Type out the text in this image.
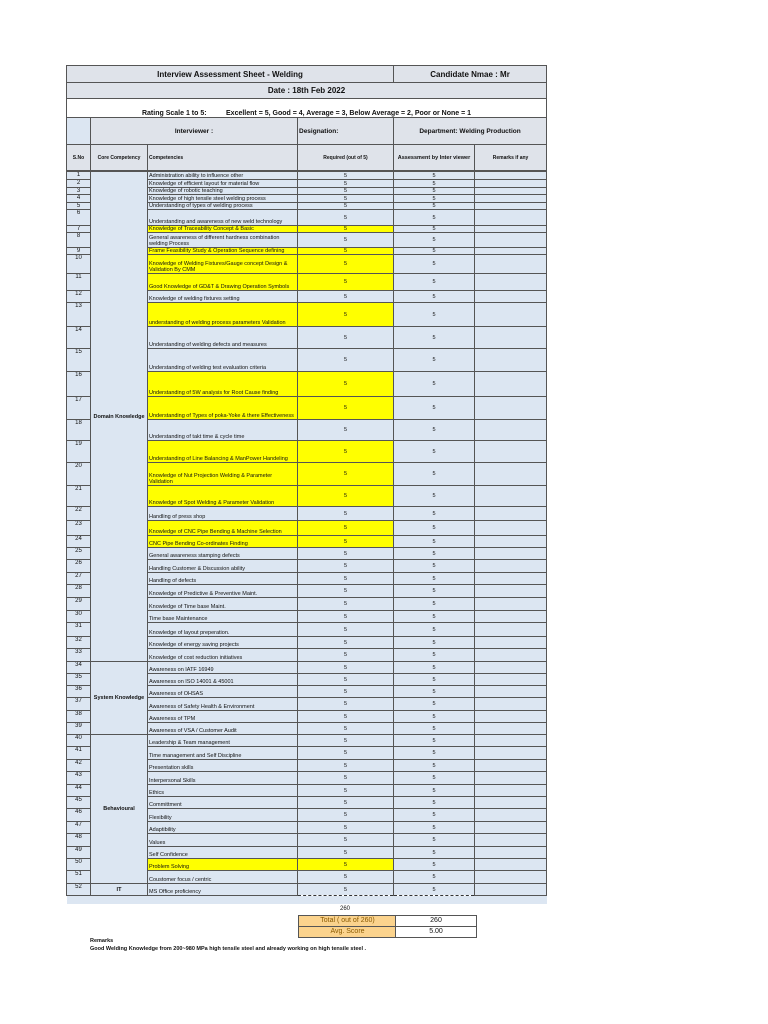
Interview Assessment Sheet - Welding				Candidate Nmae : Mr	
Date : 18th Feb 2022					
Rating Scale 1 to 5: Excellent = 5, Good = 4, Average = 3, Below Average = 2, Poor or None = 1					
	Interviewer :		Designation:	Department: Welding Production	
S.No	Core Competency	Competencies	Required (out of 5)	Assessment by Inter viewer	Remarks if any
1	Domain Knowledge	Administration ability to influence other	5	5	
2		Knowledge of efficient layout for material flow	5	5	
3		Knowledge of robotic teaching	5	5	
4		Knowledge of high tensile steel welding process	5	5	
5		Understanding of types of welding process	5	5	
6		Understanding and awareness of new weld technology	5	5	
7		Knowledge of Traceability Concept & Basic	5	5	
8		General awareness of different hardness combination welding Process	5	5	
9		Frame Feasibility Study & Operation Sequence defining	5	5	
10		Knowledge of Welding Fixtures/Gauge concept Design & Validation By CMM	5	5	
11		Good Knowledge of GD&T & Drawing Operation Symbols	5	5	
12		Knowledge of welding fixtures setting	5	5	
13		understanding of welding process parameters Validation	5	5	
14		Understanding of welding defects and measures	5	5	
15		Understanding of welding test evaluation criteria	5	5	
16		Understanding of 5W analysis for Root Cause finding	5	5	
17		Understanding of Types of poka-Yoke & there Effectiveness	5	5	
18		Understanding of takt time & cycle time	5	5	
19		Understanding of Line Balancing & ManPower Handeling	5	5	
20		Knowledge of Nut Projection Welding & Parameter Validation	5	5	
21		Knowledge of Spot Welding & Parameter Validation	5	5	
22		Handling of press shop	5	5	
23		Knowledge of CNC Pipe Bending & Machine Selection	5	5	
24		CNC Pipe Bending Co-ordinates Finding	5	5	
25		General awareness stamping defects	5	5	
26		Handling Customer & Discussion ability	5	5	
27		Handling of defects	5	5	
28		Knowledge of Predictive & Preventive Maint.	5	5	
29		Knowledge of Time base Maint.	5	5	
30		Time base Maintenance	5	5	
31		Knowledge of layout preperation.	5	5	
32		Knowledge of energy saving projects	5	5	
33		Knowledge of cost reduction initiatives	5	5	
34	System Knowledge	Awareness on IATF 16949	5	5	
35		Awareness on ISO 14001 & 45001	5	5	
36		Awareness of OHSAS	5	5	
37		Awareness of Safety Health & Environment	5	5	
38		Awareness of TPM	5	5	
39		Awareness of VSA / Customer Audit	5	5	
40	Behavioural	Leadership & Team management	5	5	
41		Time management and Self Discipline	5	5	
42		Presentation skills	5	5	
43		Interpersonal Skills	5	5	
44		Ethics	5	5	
45		Committment	5	5	
46		Flexibility	5	5	
47		Adaptibility	5	5	
48		Values	5	5	
49		Self Confidence	5	5	
50		Problem Solving	5	5	
51		Coustomer focus / centric	5	5	
52	IT	MS Office proficiency	5	5	

260
Total ( out of 260)	260
Avg. Score	5.00
Remarks
Good Welding Knowledge from 200~980 MPa high tensile steel and already working on high tensile steel .
